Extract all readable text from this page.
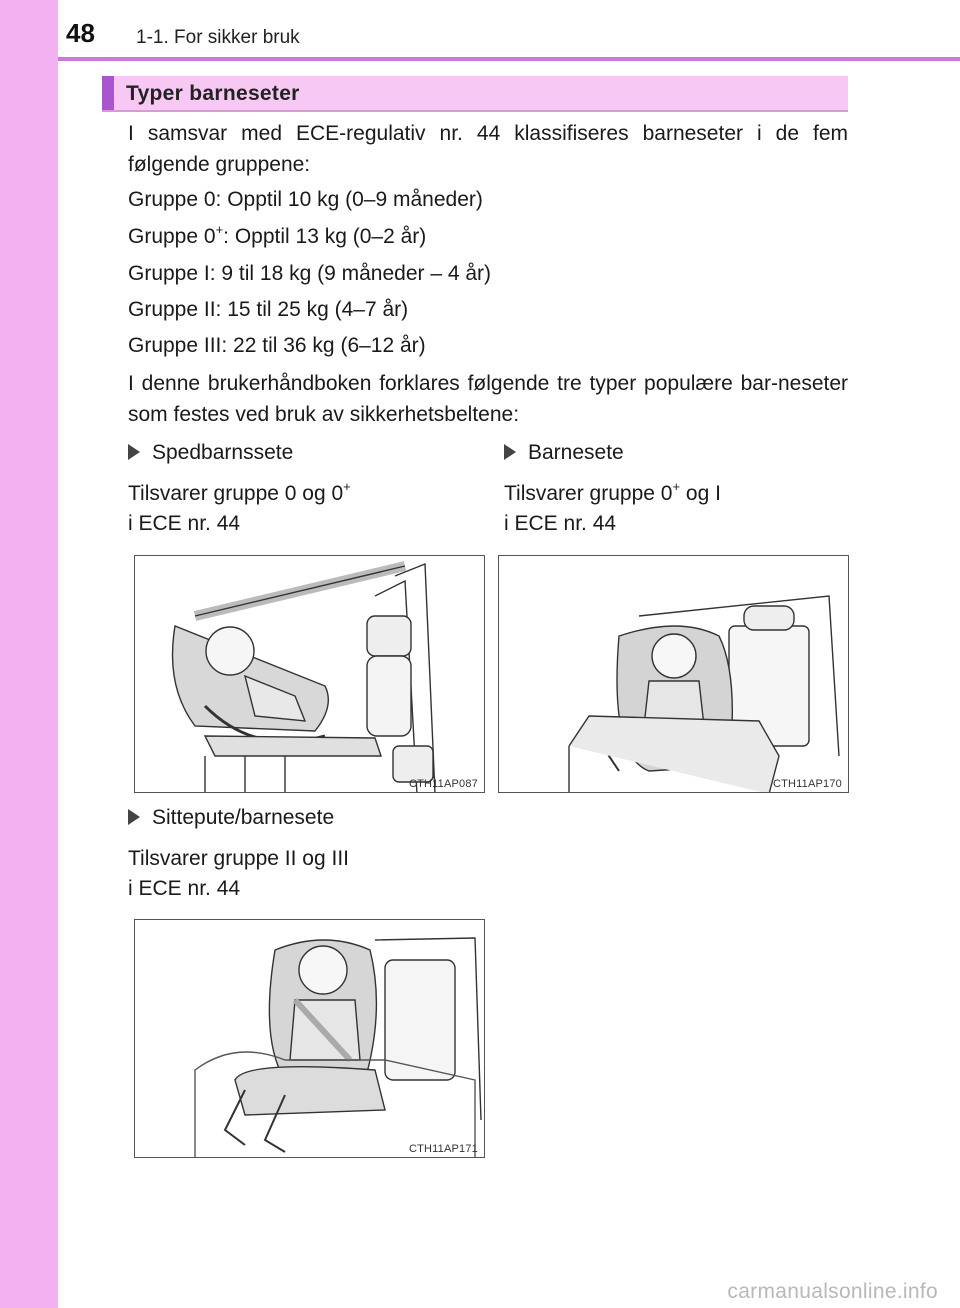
48 1-1. For sikker bruk
Typer barneseter
I samsvar med ECE-regulativ nr. 44 klassifiseres barneseter i de fem følgende gruppene:
Gruppe 0: Opptil 10 kg (0–9 måneder)
Gruppe 0+: Opptil 13 kg (0–2 år)
Gruppe I: 9 til 18 kg (9 måneder – 4 år)
Gruppe II: 15 til 25 kg (4–7 år)
Gruppe III: 22 til 36 kg (6–12 år)
I denne brukerhåndboken forklares følgende tre typer populære bar-neseter som festes ved bruk av sikkerhetsbeltene:
Spedbarnssete
Tilsvarer gruppe 0 og 0+
i ECE nr. 44
Barnesete
Tilsvarer gruppe 0+ og I
i ECE nr. 44
CTH11AP087	CTH11AP170
Sittepute/barnesete
Tilsvarer gruppe II og III
i ECE nr. 44
CTH11AP171
carmanualsonline.info
